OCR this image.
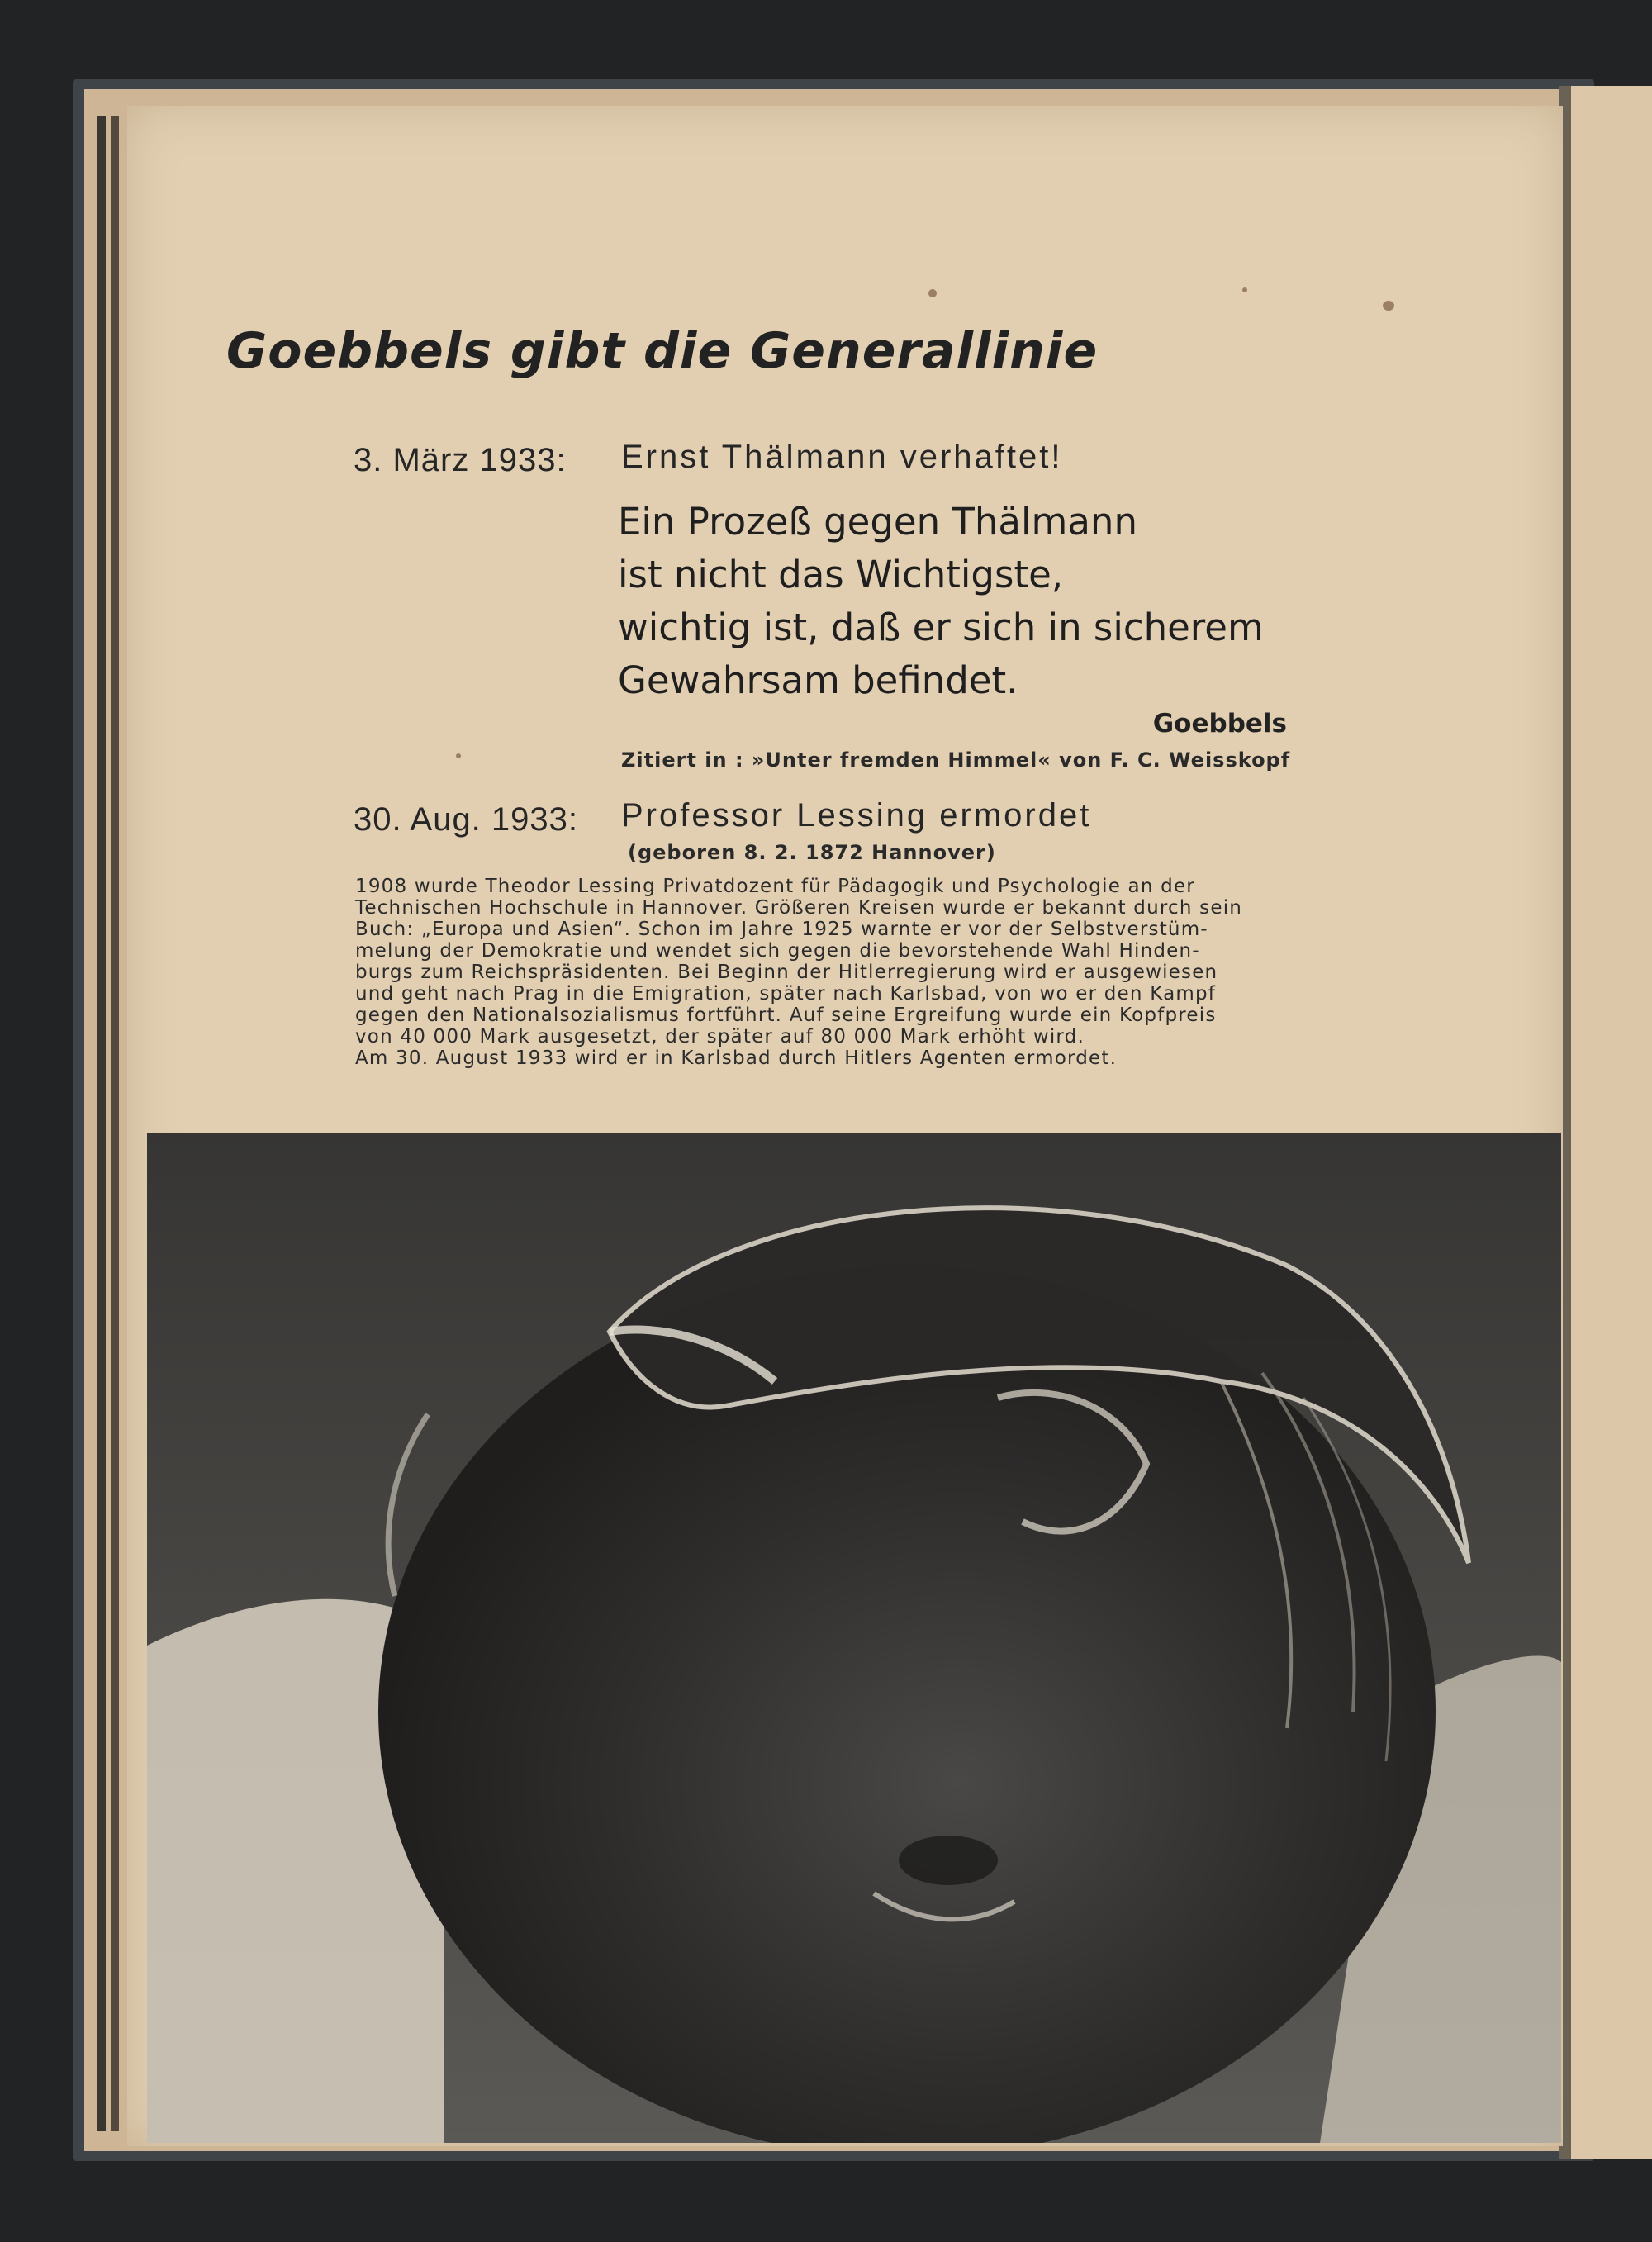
Goebbels gibt die Generallinie
3. März 1933: Ernst Thälmann verhaftet!
Ein Prozeß gegen Thälmann
ist nicht das Wichtigste,
wichtig ist, daß er sich in sicherem
Gewahrsam befindet.
Goebbels
Zitiert in : »Unter fremden Himmel« von F. C. Weisskopf
30. Aug. 1933: Professor Lessing ermordet
(geboren 8. 2. 1872 Hannover)
1908 wurde Theodor Lessing Privatdozent für Pädagogik und Psychologie an der
Technischen Hochschule in Hannover. Größeren Kreisen wurde er bekannt durch sein
Buch: „Europa und Asien“. Schon im Jahre 1925 warnte er vor der Selbstverstüm-
melung der Demokratie und wendet sich gegen die bevorstehende Wahl Hinden-
burgs zum Reichspräsidenten. Bei Beginn der Hitlerregierung wird er ausgewiesen
und geht nach Prag in die Emigration, später nach Karlsbad, von wo er den Kampf
gegen den Nationalsozialismus fortführt. Auf seine Ergreifung wurde ein Kopfpreis
von 40 000 Mark ausgesetzt, der später auf 80 000 Mark erhöht wird.
Am 30. August 1933 wird er in Karlsbad durch Hitlers Agenten ermordet.
